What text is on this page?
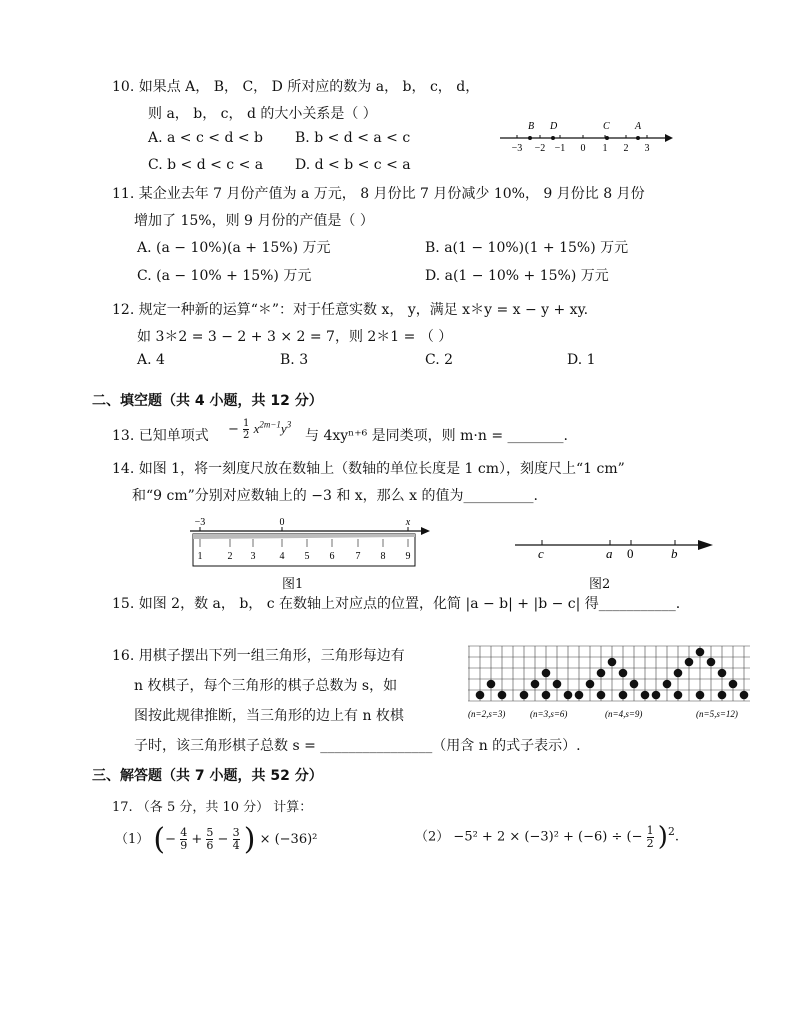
10. 如果点 A， B， C， D 所对应的数为 a， b， c， d，
则 a， b， c， d 的大小关系是（ ）
A. a < c < d < b B. b < d < a < c
C. b < d < c < a D. d < b < c < a
−3 −2 −1 0 1 2 3
B D	C	A
11. 某企业去年 7 月份产值为 a 万元， 8 月份比 7 月份减少 10%， 9 月份比 8 月份
增加了 15%，则 9 月份的产值是（ ）
A. (a − 10%)(a + 15%) 万元	B. a(1 − 10%)(1 + 15%) 万元
C. (a − 10% + 15%) 万元	D. a(1 − 10% + 15%) 万元
12. 规定一种新的运算“＊”：对于任意实数 x， y，满足 x＊y = x − y + xy.
如 3＊2 = 3 − 2 + 3 × 2 = 7，则 2＊1 = （ ）
A. 4	B. 3	C. 2	D. 1
二、填空题（共 4 小题，共 12 分）
13. 已知单项式 − $\frac{1}{2} x^{2m-1}y^3$
与 4xyⁿ⁺⁶ 是同类项，则 m·n = ________.
14. 如图 1，将一刻度尺放在数轴上（数轴的单位长度是 1 cm），刻度尺上“1 cm”
和“9 cm”分别对应数轴上的 −3 和 x，那么 x 的值为__________.
−3	0	x
1	2 3 4 5 6 7 8 9
图1
c	a 0	b
图2
15. 如图 2，数 a， b， c 在数轴上对应点的位置，化简 |a − b| + |b − c| 得___________.
16. 用棋子摆出下列一组三角形，三角形每边有
n 枚棋子，每个三角形的棋子总数为 s，如
图按此规律推断，当三角形的边上有 n 枚棋
子时，该三角形棋子总数 s = ________________（用含 n 的式子表示）.
(n=2,s=3)	(n=3,s=6)	(n=4,s=9)	(n=5,s=12)
三、解答题（共 7 小题，共 52 分）
17. （各 5 分，共 10 分） 计算：
（1） (− $\frac{4}{9} + \frac{5}{6} - \frac{3}{4}$ ) × (−36)²	（2） −5² + 2 × (−3)² + (−6) ÷ (− $\frac{1}{2} )^2$.
